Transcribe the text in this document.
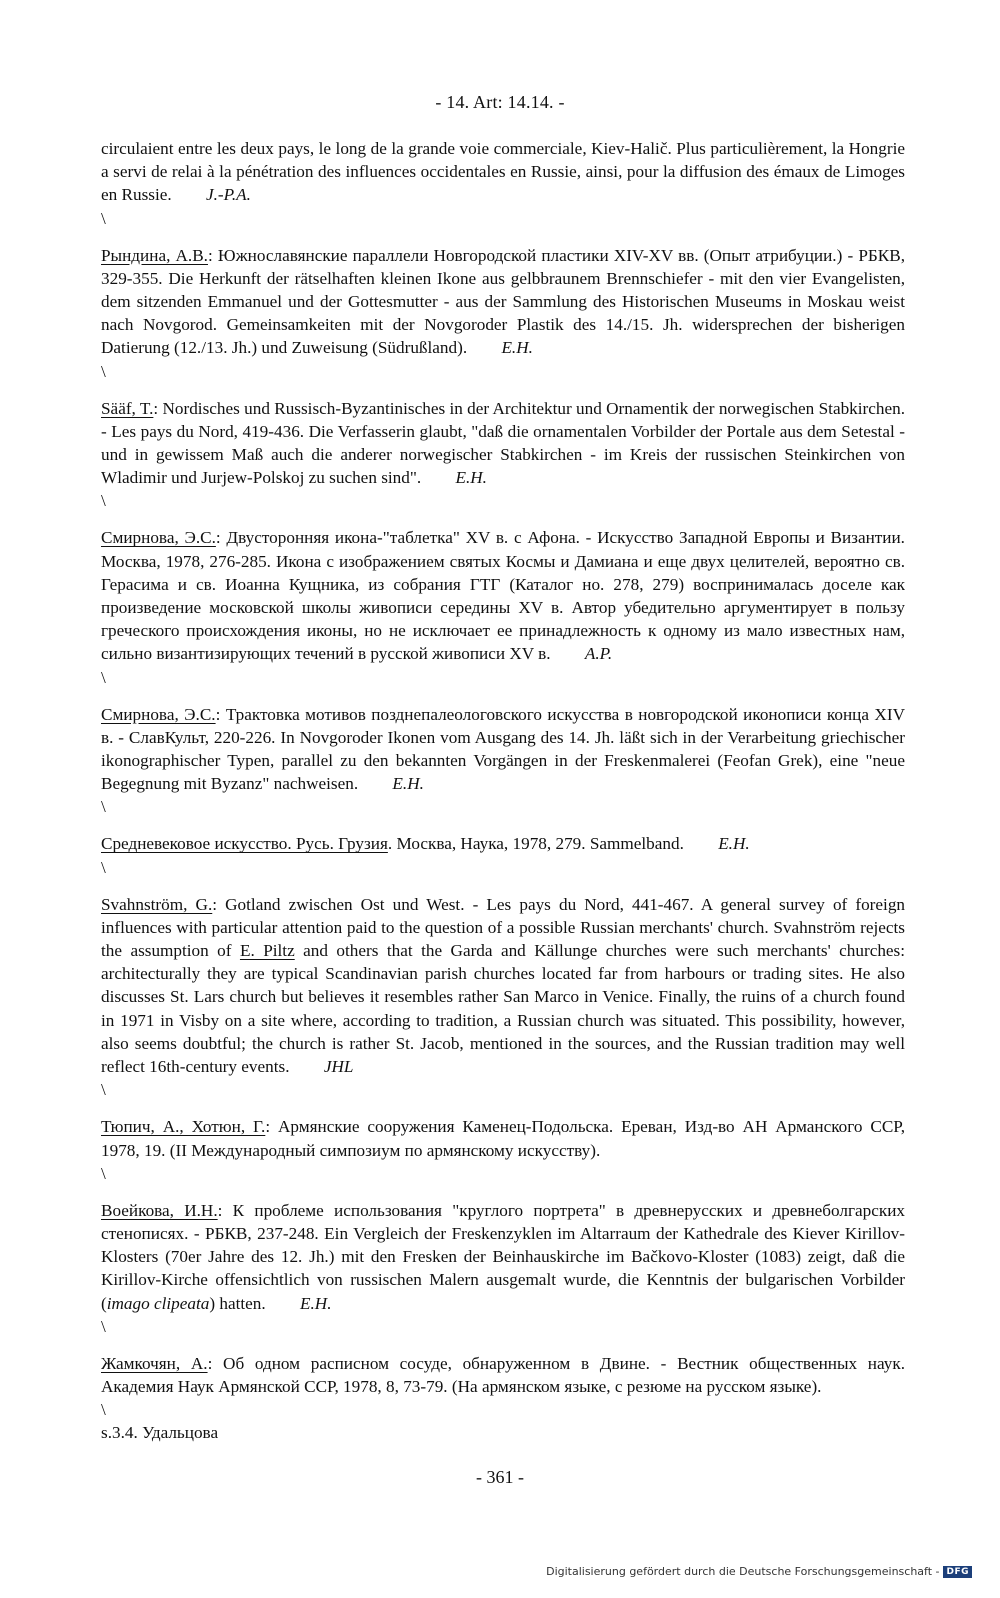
- 14. Art: 14.14. -

circulaient entre les deux pays, le long de la grande voie commerciale, Kiev-Halič. Plus particulièrement, la Hongrie a servi de relai à la pénétration des influences occidentales en Russie, ainsi, pour la diffusion des émaux de Limoges en Russie. J.-P.A.

\

Рындина, А.В.: Южнославянские параллели Новгородской пластики XIV-XV вв. (Опыт атрибуции.) - РБКВ, 329-355. Die Herkunft der rätselhaften kleinen Ikone aus gelbbraunem Brennschiefer - mit den vier Evangelisten, dem sitzenden Emmanuel und der Gottesmutter - aus der Sammlung des Historischen Museums in Moskau weist nach Novgorod. Gemeinsamkeiten mit der Novgoroder Plastik des 14./15. Jh. widersprechen der bisherigen Datierung (12./13. Jh.) und Zuweisung (Südrußland). E.H.

\

Sääf, T.: Nordisches und Russisch-Byzantinisches in der Architektur und Ornamentik der norwegischen Stabkirchen. - Les pays du Nord, 419-436. Die Verfasserin glaubt, "daß die ornamentalen Vorbilder der Portale aus dem Setestal - und in gewissem Maß auch die anderer norwegischer Stabkirchen - im Kreis der russischen Steinkirchen von Wladimir und Jurjew-Polskoj zu suchen sind". E.H.

\

Смирнова, Э.С.: Двусторонняя икона-"таблетка" XV в. с Афона. - Искусство Западной Европы и Византии. Москва, 1978, 276-285. Икона с изображением святых Космы и Дамиана и еще двух целителей, вероятно св. Герасима и св. Иоанна Кущника, из собрания ГТГ (Каталог но. 278, 279) воспринималась доселе как произведение московской школы живописи середины XV в. Автор убедительно аргументирует в пользу греческого происхождения иконы, но не исключает ее принадлежность к одному из мало известных нам, сильно византизирующих течений в русской живописи XV в. A.P.

\

Смирнова, Э.С.: Трактовка мотивов позднепалеологовского искусства в новгородской иконописи конца XIV в. - СлавКульт, 220-226. In Novgoroder Ikonen vom Ausgang des 14. Jh. läßt sich in der Verarbeitung griechischer ikonographischer Typen, parallel zu den bekannten Vorgängen in der Freskenmalerei (Feofan Grek), eine "neue Begegnung mit Byzanz" nachweisen. E.H.

\

Средневековое искусство. Русь. Грузия. Москва, Наука, 1978, 279. Sammelband. E.H.

\

Svahnström, G.: Gotland zwischen Ost und West. - Les pays du Nord, 441-467. A general survey of foreign influences with particular attention paid to the question of a possible Russian merchants' church. Svahnström rejects the assumption of E. Piltz and others that the Garda and Källunge churches were such merchants' churches: architecturally they are typical Scandinavian parish churches located far from harbours or trading sites. He also discusses St. Lars church but believes it resembles rather San Marco in Venice. Finally, the ruins of a church found in 1971 in Visby on a site where, according to tradition, a Russian church was situated. This possibility, however, also seems doubtful; the church is rather St. Jacob, mentioned in the sources, and the Russian tradition may well reflect 16th-century events. JHL

\

Тюпич, А., Хотюн, Г.: Армянские сооружения Каменец-Подольска. Ереван, Изд-во АН Арманского ССР, 1978, 19. (II Международный симпозиум по армянскому искусству).

\

Воейкова, И.Н.: К проблеме использования "круглого портрета" в древнерусских и древнеболгарских стенописях. - РБКВ, 237-248. Ein Vergleich der Freskenzyklen im Altarraum der Kathedrale des Kiever Kirillov-Klosters (70er Jahre des 12. Jh.) mit den Fresken der Beinhauskirche im Bačkovo-Kloster (1083) zeigt, daß die Kirillov-Kirche offensichtlich von russischen Malern ausgemalt wurde, die Kenntnis der bulgarischen Vorbilder (imago clipeata) hatten. E.H.

\

Жамкочян, А.: Об одном расписном сосуде, обнаруженном в Двине. - Вестник общественных наук. Академия Наук Армянской ССР, 1978, 8, 73-79. (На армянском языке, с резюме на русском языке).

\

s.3.4. Удальцова

- 361 -
Digitalisierung gefördert durch die Deutsche Forschungsgemeinschaft - DFG
